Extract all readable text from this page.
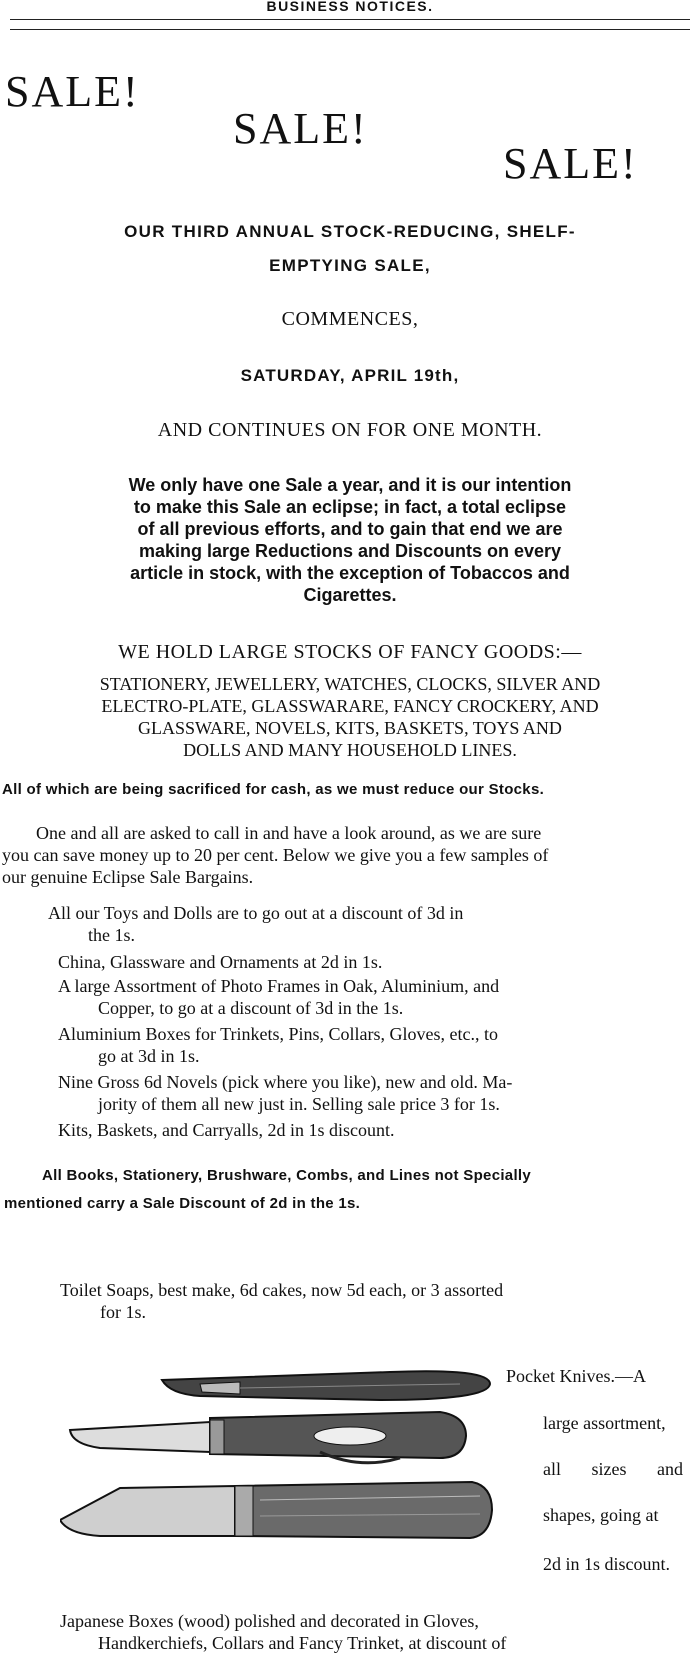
BUSINESS NOTICES.
SALE!
SALE!
SALE!
OUR THIRD ANNUAL STOCK-REDUCING, SHELF-
EMPTYING SALE,
COMMENCES,
SATURDAY, APRIL 19th,
AND CONTINUES ON FOR ONE MONTH.
We only have one Sale a year, and it is our intention
to make this Sale an eclipse; in fact, a total eclipse
of all previous efforts, and to gain that end we are
making large Reductions and Discounts on every
article in stock, with the exception of Tobaccos and
Cigarettes.
WE HOLD LARGE STOCKS OF FANCY GOODS:—
STATIONERY, JEWELLERY, WATCHES, CLOCKS, SILVER AND
ELECTRO-PLATE, GLASSWARARE, FANCY CROCKERY, AND
GLASSWARE, NOVELS, KITS, BASKETS, TOYS AND
DOLLS AND MANY HOUSEHOLD LINES.
All of which are being sacrificed for cash, as we must reduce our Stocks.
One and all are asked to call in and have a look around, as we are sure
you can save money up to 20 per cent. Below we give you a few samples of
our genuine Eclipse Sale Bargains.
All our Toys and Dolls are to go out at a discount of 3d in
the 1s.
China, Glassware and Ornaments at 2d in 1s.
A large Assortment of Photo Frames in Oak, Aluminium, and
Copper, to go at a discount of 3d in the 1s.
Aluminium Boxes for Trinkets, Pins, Collars, Gloves, etc., to
go at 3d in 1s.
Nine Gross 6d Novels (pick where you like), new and old. Ma-
jority of them all new just in. Selling sale price 3 for 1s.
Kits, Baskets, and Carryalls, 2d in 1s discount.
All Books, Stationery, Brushware, Combs, and Lines not Specially
mentioned carry a Sale Discount of 2d in the 1s.
Toilet Soaps, best make, 6d cakes, now 5d each, or 3 assorted
for 1s.
Pocket Knives.—A
large assortment,
all sizes and
shapes, going at
2d in 1s discount.
Japanese Boxes (wood) polished and decorated in Gloves,
Handkerchiefs, Collars and Fancy Trinket, at discount of
